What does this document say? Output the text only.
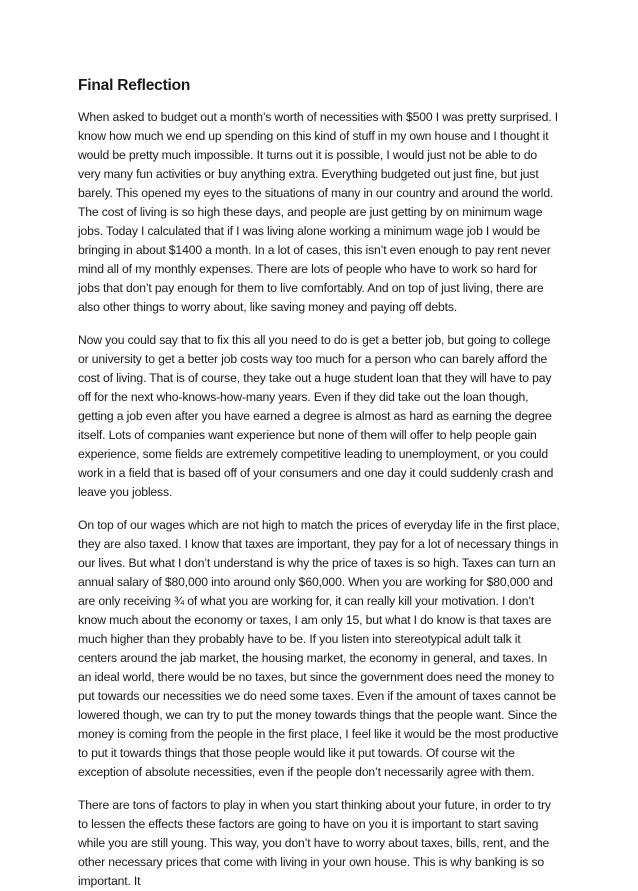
Final Reflection

When asked to budget out a month’s worth of necessities with $500 I was pretty surprised. I know how much we end up spending on this kind of stuff in my own house and I thought it would be pretty much impossible. It turns out it is possible, I would just not be able to do very many fun activities or buy anything extra. Everything budgeted out just fine, but just barely. This opened my eyes to the situations of many in our country and around the world. The cost of living is so high these days, and people are just getting by on minimum wage jobs. Today I calculated that if I was living alone working a minimum wage job I would be bringing in about $1400 a month. In a lot of cases, this isn’t even enough to pay rent never mind all of my monthly expenses. There are lots of people who have to work so hard for jobs that don’t pay enough for them to live comfortably. And on top of just living, there are also other things to worry about, like saving money and paying off debts.

Now you could say that to fix this all you need to do is get a better job, but going to college or university to get a better job costs way too much for a person who can barely afford the cost of living. That is of course, they take out a huge student loan that they will have to pay off for the next who-knows-how-many years. Even if they did take out the loan though, getting a job even after you have earned a degree is almost as hard as earning the degree itself. Lots of companies want experience but none of them will offer to help people gain experience, some fields are extremely competitive leading to unemployment, or you could work in a field that is based off of your consumers and one day it could suddenly crash and leave you jobless.

On top of our wages which are not high to match the prices of everyday life in the first place, they are also taxed. I know that taxes are important, they pay for a lot of necessary things in our lives. But what I don’t understand is why the price of taxes is so high. Taxes can turn an annual salary of $80,000 into around only $60,000. When you are working for $80,000 and are only receiving ¾ of what you are working for, it can really kill your motivation. I don’t know much about the economy or taxes, I am only 15, but what I do know is that taxes are much higher than they probably have to be. If you listen into stereotypical adult talk it centers around the jab market, the housing market, the economy in general, and taxes. In an ideal world, there would be no taxes, but since the government does need the money to put towards our necessities we do need some taxes. Even if the amount of taxes cannot be lowered though, we can try to put the money towards things that the people want. Since the money is coming from the people in the first place, I feel like it would be the most productive to put it towards things that those people would like it put towards. Of course wit the exception of absolute necessities, even if the people don’t necessarily agree with them.

There are tons of factors to play in when you start thinking about your future, in order to try to lessen the effects these factors are going to have on you it is important to start saving while you are still young. This way, you don’t have to worry about taxes, bills, rent, and the other necessary prices that come with living in your own house. This is why banking is so important. It
